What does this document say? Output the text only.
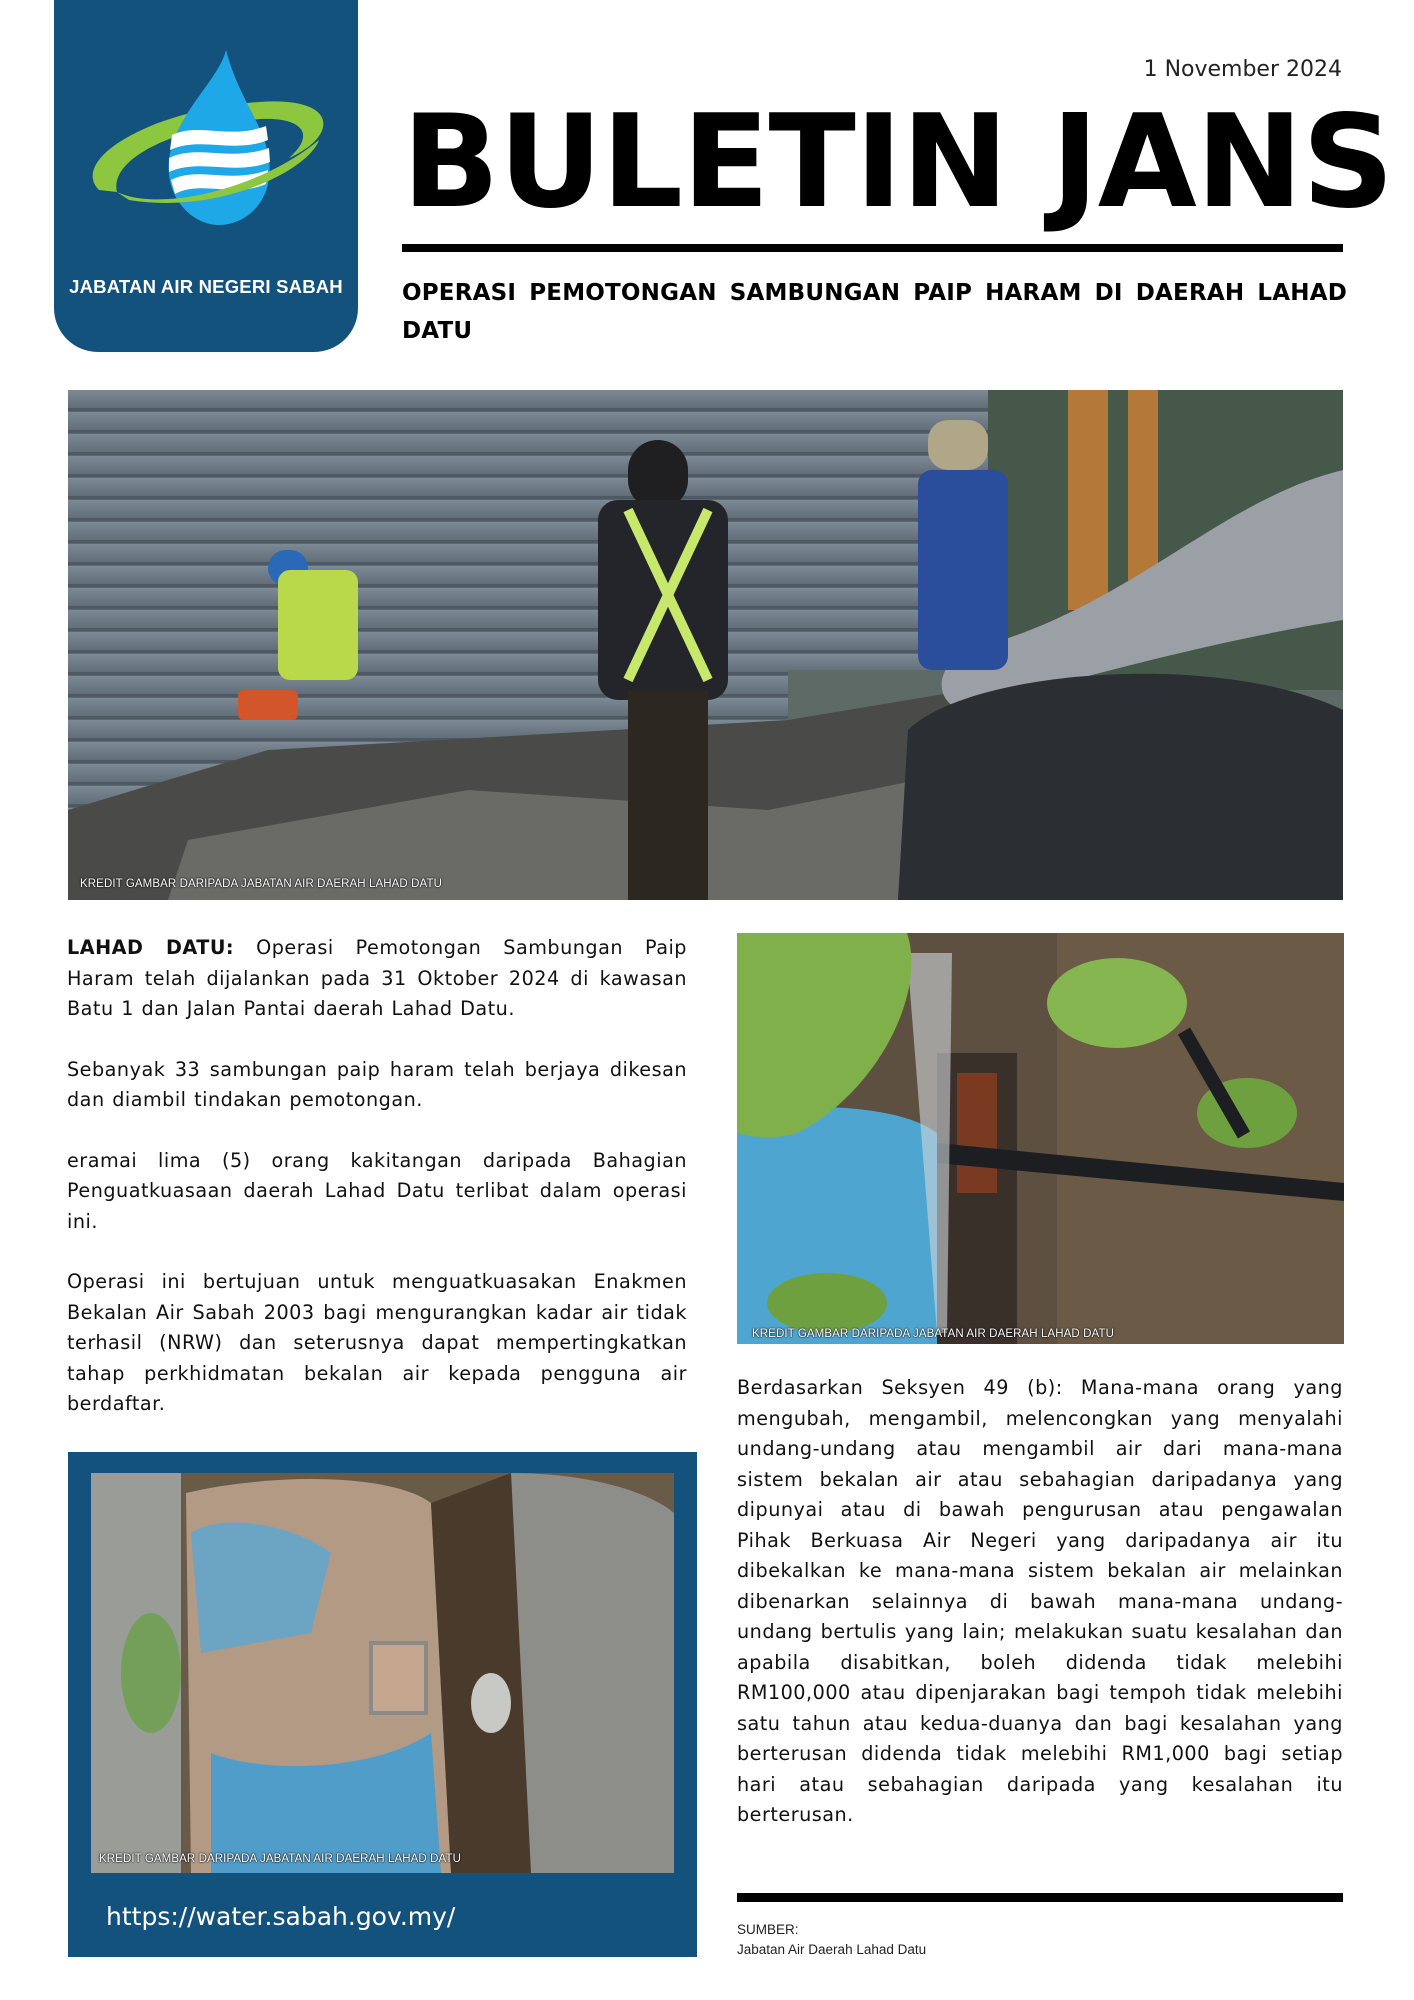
JABATAN AIR NEGERI SABAH
1 November 2024
BULETIN JANS
OPERASI PEMOTONGAN SAMBUNGAN PAIP HARAM DI DAERAH LAHAD DATU
KREDIT GAMBAR DARIPADA JABATAN AIR DAERAH LAHAD DATU

LAHAD DATU: Operasi Pemotongan Sambungan Paip Haram telah dijalankan pada 31 Oktober 2024 di kawasan Batu 1 dan Jalan Pantai daerah Lahad Datu.

Sebanyak 33 sambungan paip haram telah berjaya dikesan dan diambil tindakan pemotongan.

eramai lima (5) orang kakitangan daripada Bahagian Penguatkuasaan daerah Lahad Datu terlibat dalam operasi ini.

Operasi ini bertujuan untuk menguatkuasakan Enakmen Bekalan Air Sabah 2003 bagi mengurangkan kadar air tidak terhasil (NRW) dan seterusnya dapat mempertingkatkan tahap perkhidmatan bekalan air kepada pengguna air berdaftar.

KREDIT GAMBAR DARIPADA JABATAN AIR DAERAH LAHAD DATU
Berdasarkan Seksyen 49 (b): Mana-mana orang yang mengubah, mengambil, melencongkan yang menyalahi undang-undang atau mengambil air dari mana-mana sistem bekalan air atau sebahagian daripadanya yang dipunyai atau di bawah pengurusan atau pengawalan Pihak Berkuasa Air Negeri yang daripadanya air itu dibekalkan ke mana-mana sistem bekalan air melainkan dibenarkan selainnya di bawah mana-mana undang-undang bertulis yang lain; melakukan suatu kesalahan dan apabila disabitkan, boleh didenda tidak melebihi RM100,000 atau dipenjarakan bagi tempoh tidak melebihi satu tahun atau kedua-duanya dan bagi kesalahan yang berterusan didenda tidak melebihi RM1,000 bagi setiap hari atau sebahagian daripada yang kesalahan itu berterusan.
KREDIT GAMBAR DARIPADA JABATAN AIR DAERAH LAHAD DATU
https://water.sabah.gov.my/	SUMBER:
Jabatan Air Daerah Lahad Datu
